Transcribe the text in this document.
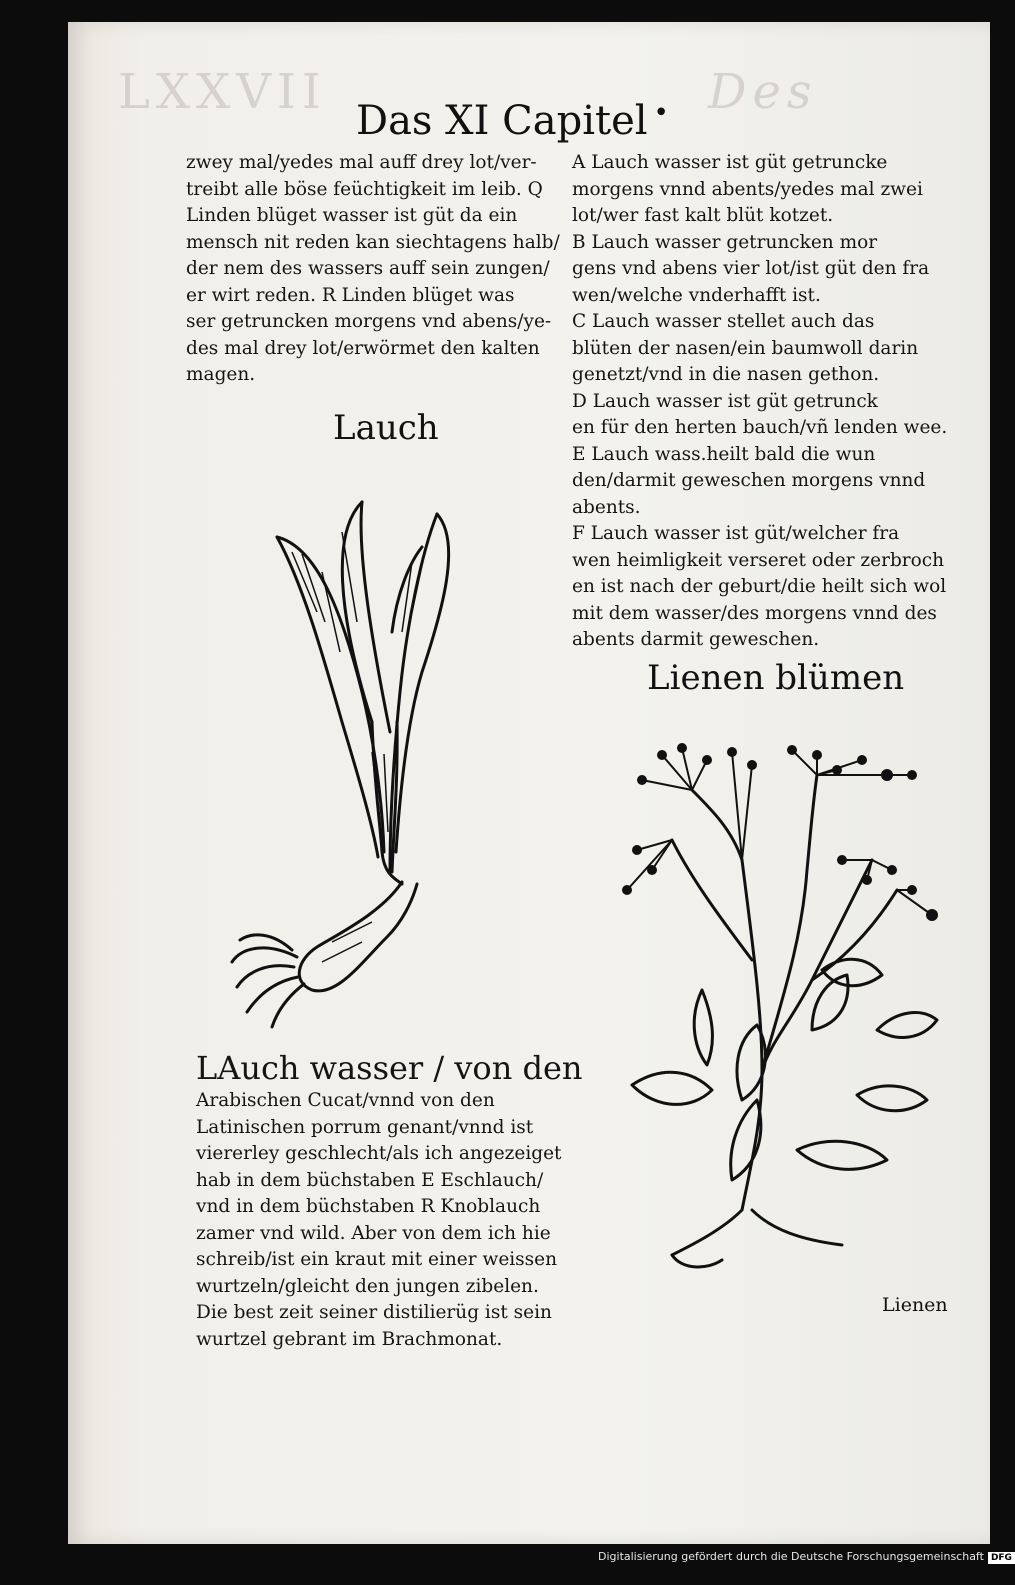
LXXVII	Des
Das XI Capitel •
zwey mal/yedes mal auff drey lot/ver-
treibt alle böse feüchtigkeit im leib. Q
Linden blüget wasser ist güt da ein
mensch nit reden kan siechtagens halb/
der nem des wassers auff sein zungen/
er wirt reden. R Linden blüget was
ser getruncken morgens vnd abens/ye-
des mal drey lot/erwörmet den kalten
magen.
A Lauch wasser ist güt getruncke
morgens vnnd abents/yedes mal zwei
lot/wer fast kalt blüt kotzet.
B Lauch wasser getruncken mor
gens vnd abens vier lot/ist güt den fra
wen/welche vnderhafft ist.
C Lauch wasser stellet auch das
blüten der nasen/ein baumwoll darin
genetzt/vnd in die nasen gethon.
D Lauch wasser ist güt getrunck
en für den herten bauch/vñ lenden wee.
E Lauch wass.heilt bald die wun
den/darmit geweschen morgens vnnd
abents.
F Lauch wasser ist güt/welcher fra
wen heimligkeit verseret oder zerbroch
en ist nach der geburt/die heilt sich wol
mit dem wasser/des morgens vnnd des
abents darmit geweschen.
Lauch
Lienen blümen
LAuch wasser / von den
Arabischen Cucat/vnnd von den
Latinischen porrum genant/vnnd ist
viererley geschlecht/als ich angezeiget
hab in dem büchstaben E Eschlauch/
vnd in dem büchstaben R Knoblauch
zamer vnd wild. Aber von dem ich hie
schreib/ist ein kraut mit einer weissen
wurtzeln/gleicht den jungen zibelen.
Die best zeit seiner distilierüg ist sein
wurtzel gebrant im Brachmonat.
Lienen
Digitalisierung gefördert durch die Deutsche Forschungsgemeinschaft DFG
